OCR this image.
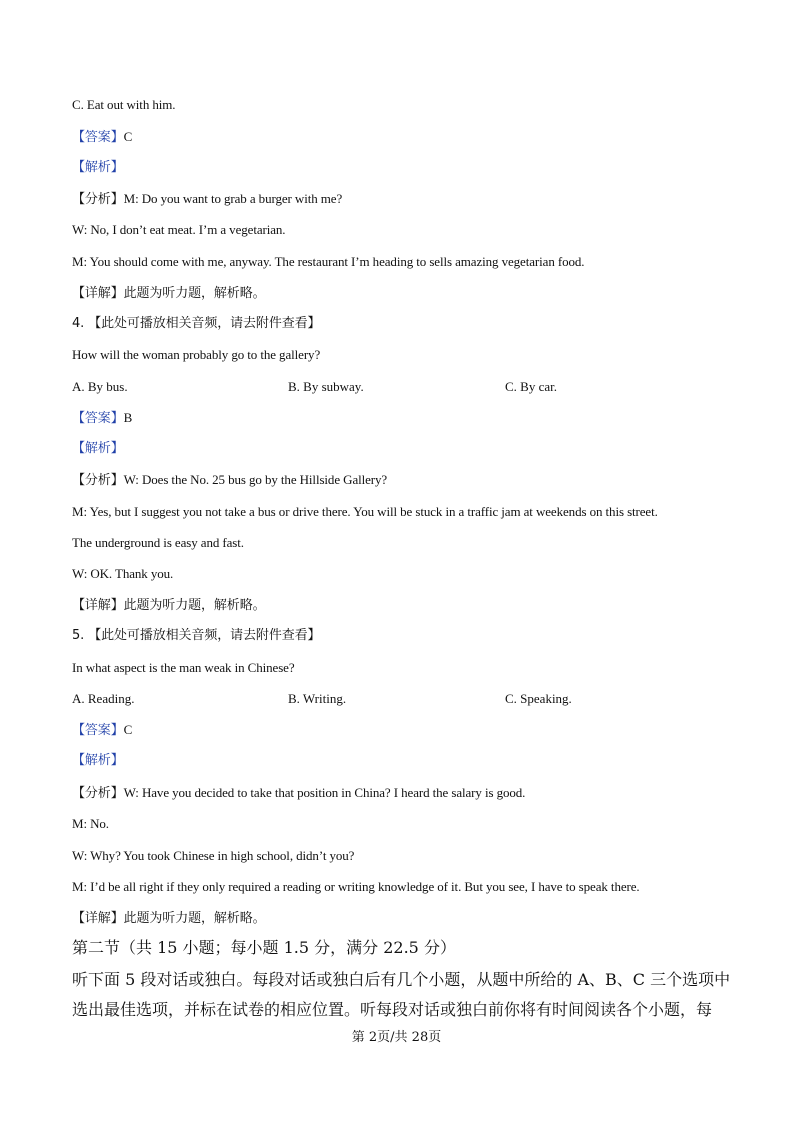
C. Eat out with him.
【答案】C
【解析】
【分析】M: Do you want to grab a burger with me?
W: No, I don’t eat meat. I’m a vegetarian.
M: You should come with me, anyway. The restaurant I’m heading to sells amazing vegetarian food.
【详解】此题为听力题，解析略。
4. 【此处可播放相关音频，请去附件查看】
How will the woman probably go to the gallery?
A. By bus.	B. By subway.	C. By car.
【答案】B
【解析】
【分析】W: Does the No. 25 bus go by the Hillside Gallery?
M: Yes, but I suggest you not take a bus or drive there. You will be stuck in a traffic jam at weekends on this street.
The underground is easy and fast.
W: OK. Thank you.
【详解】此题为听力题，解析略。
5. 【此处可播放相关音频，请去附件查看】
In what aspect is the man weak in Chinese?
A. Reading.	B. Writing.	C. Speaking.
【答案】C
【解析】
【分析】W: Have you decided to take that position in China? I heard the salary is good.
M: No.
W: Why? You took Chinese in high school, didn’t you?
M: I’d be all right if they only required a reading or writing knowledge of it. But you see, I have to speak there.
【详解】此题为听力题，解析略。
第二节（共 15 小题；每小题 1.5 分，满分 22.5 分）
听下面 5 段对话或独白。每段对话或独白后有几个小题，从题中所给的 A、B、C 三个选项中
选出最佳选项，并标在试卷的相应位置。听每段对话或独白前你将有时间阅读各个小题，每
第 2页/共 28页
